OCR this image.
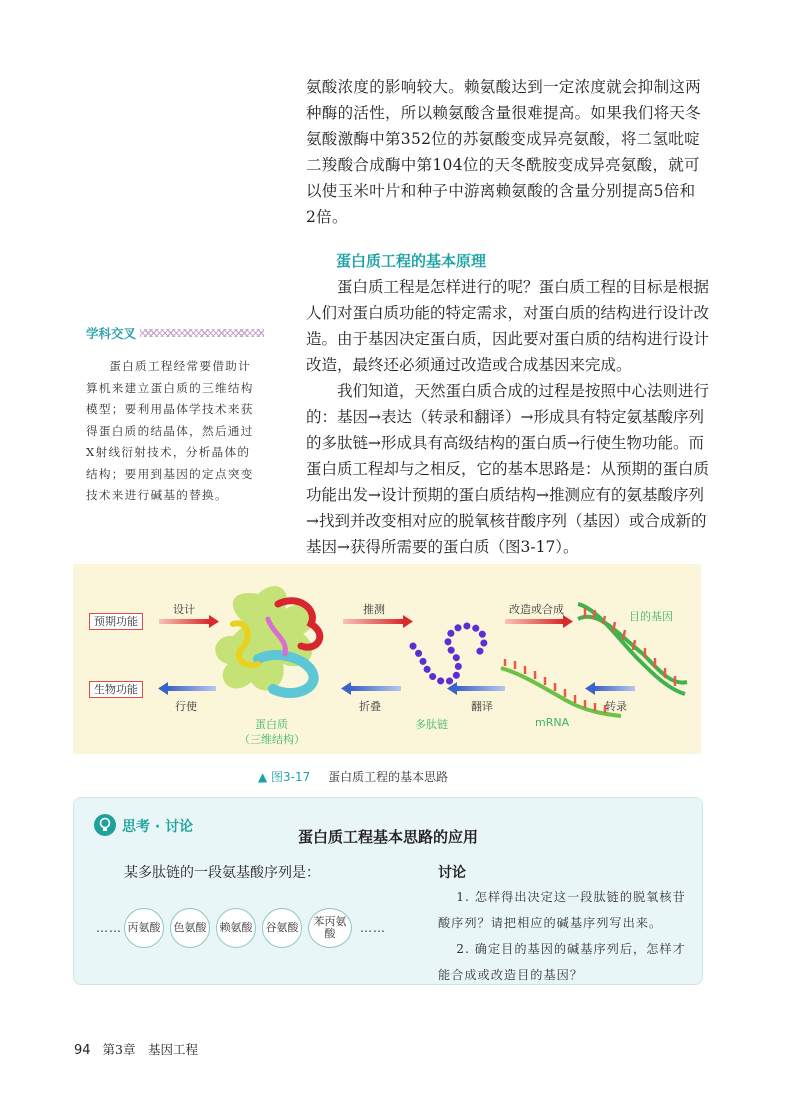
氨酸浓度的影响较大。赖氨酸达到一定浓度就会抑制这两

种酶的活性，所以赖氨酸含量很难提高。如果我们将天冬

氨酸激酶中第352位的苏氨酸变成异亮氨酸，将二氢吡啶

二羧酸合成酶中第104位的天冬酰胺变成异亮氨酸，就可

以使玉米叶片和种子中游离赖氨酸的含量分别提高5倍和

2倍。

蛋白质工程的基本原理

蛋白质工程是怎样进行的呢？蛋白质工程的目标是根据人们对蛋白质功能的特定需求，对蛋白质的结构进行设计改造。由于基因决定蛋白质，因此要对蛋白质的结构进行设计改造，最终还必须通过改造或合成基因来完成。

我们知道，天然蛋白质合成的过程是按照中心法则进行的：基因→表达（转录和翻译）→形成具有特定氨基酸序列的多肽链→形成具有高级结构的蛋白质→行使生物功能。而蛋白质工程却与之相反，它的基本思路是：从预期的蛋白质功能出发→设计预期的蛋白质结构→推测应有的氨基酸序列→找到并改变相对应的脱氧核苷酸序列（基因）或合成新的基因→获得所需要的蛋白质（图3-17）。

学科交叉

蛋白质工程经常要借助计算机来建立蛋白质的三维结构模型；要利用晶体学技术来获得蛋白质的结晶体，然后通过X射线衍射技术，分析晶体的结构；要用到基因的定点突变技术来进行碱基的替换。

预期功能
生物功能
设计	推测	改造或合成
目的基因
行使	折叠	翻译	转录
蛋白质
（三维结构）
多肽链	mRNA
▲ 图3-17 蛋白质工程的基本思路
思考 · 讨论
蛋白质工程基本思路的应用
某多肽链的一段氨基酸序列是：
…… 丙氨酸	色氨酸	赖氨酸	谷氨酸	苯丙氨酸	……
讨论

1. 怎样得出决定这一段肽链的脱氧核苷酸序列？请把相应的碱基序列写出来。

2. 确定目的基因的碱基序列后，怎样才能合成或改造目的基因？

94 第3章　基因工程
